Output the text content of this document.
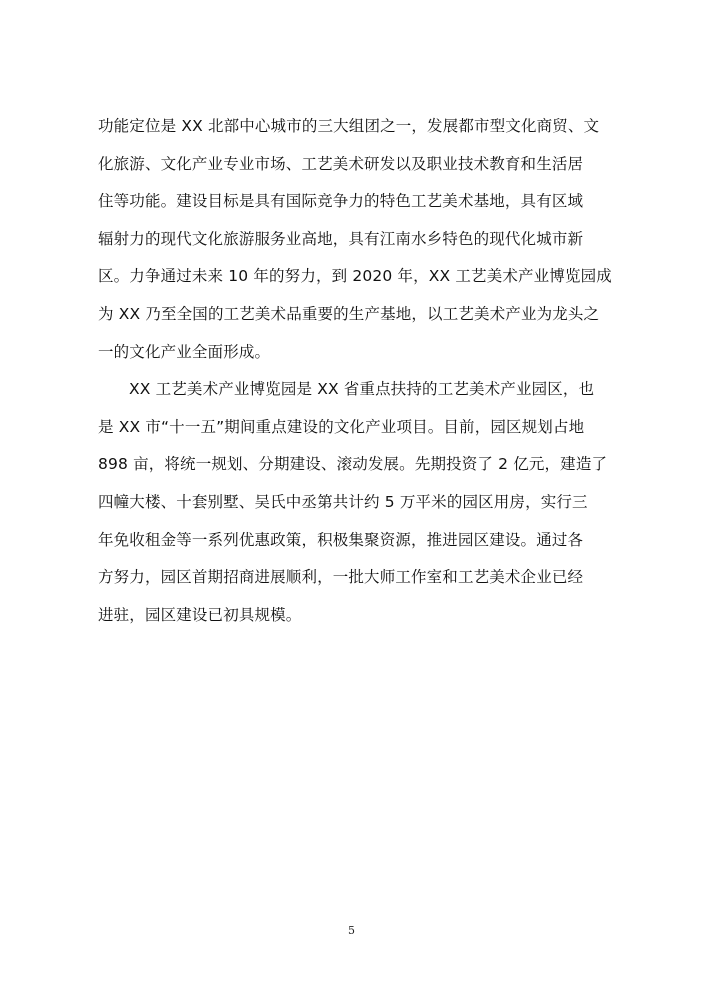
功能定位是 XX 北部中心城市的三大组团之一，发展都市型文化商贸、文
化旅游、文化产业专业市场、工艺美术研发以及职业技术教育和生活居
住等功能。建设目标是具有国际竞争力的特色工艺美术基地，具有区域
辐射力的现代文化旅游服务业高地，具有江南水乡特色的现代化城市新
区。力争通过未来 10 年的努力，到 2020 年，XX 工艺美术产业博览园成
为 XX 乃至全国的工艺美术品重要的生产基地，以工艺美术产业为龙头之
一的文化产业全面形成。
XX 工艺美术产业博览园是 XX 省重点扶持的工艺美术产业园区，也
是 XX 市“十一五”期间重点建设的文化产业项目。目前，园区规划占地
898 亩，将统一规划、分期建设、滚动发展。先期投资了 2 亿元，建造了
四幢大楼、十套别墅、吴氏中丞第共计约 5 万平米的园区用房，实行三
年免收租金等一系列优惠政策，积极集聚资源，推进园区建设。通过各
方努力，园区首期招商进展顺利，一批大师工作室和工艺美术企业已经
进驻，园区建设已初具规模。
5
